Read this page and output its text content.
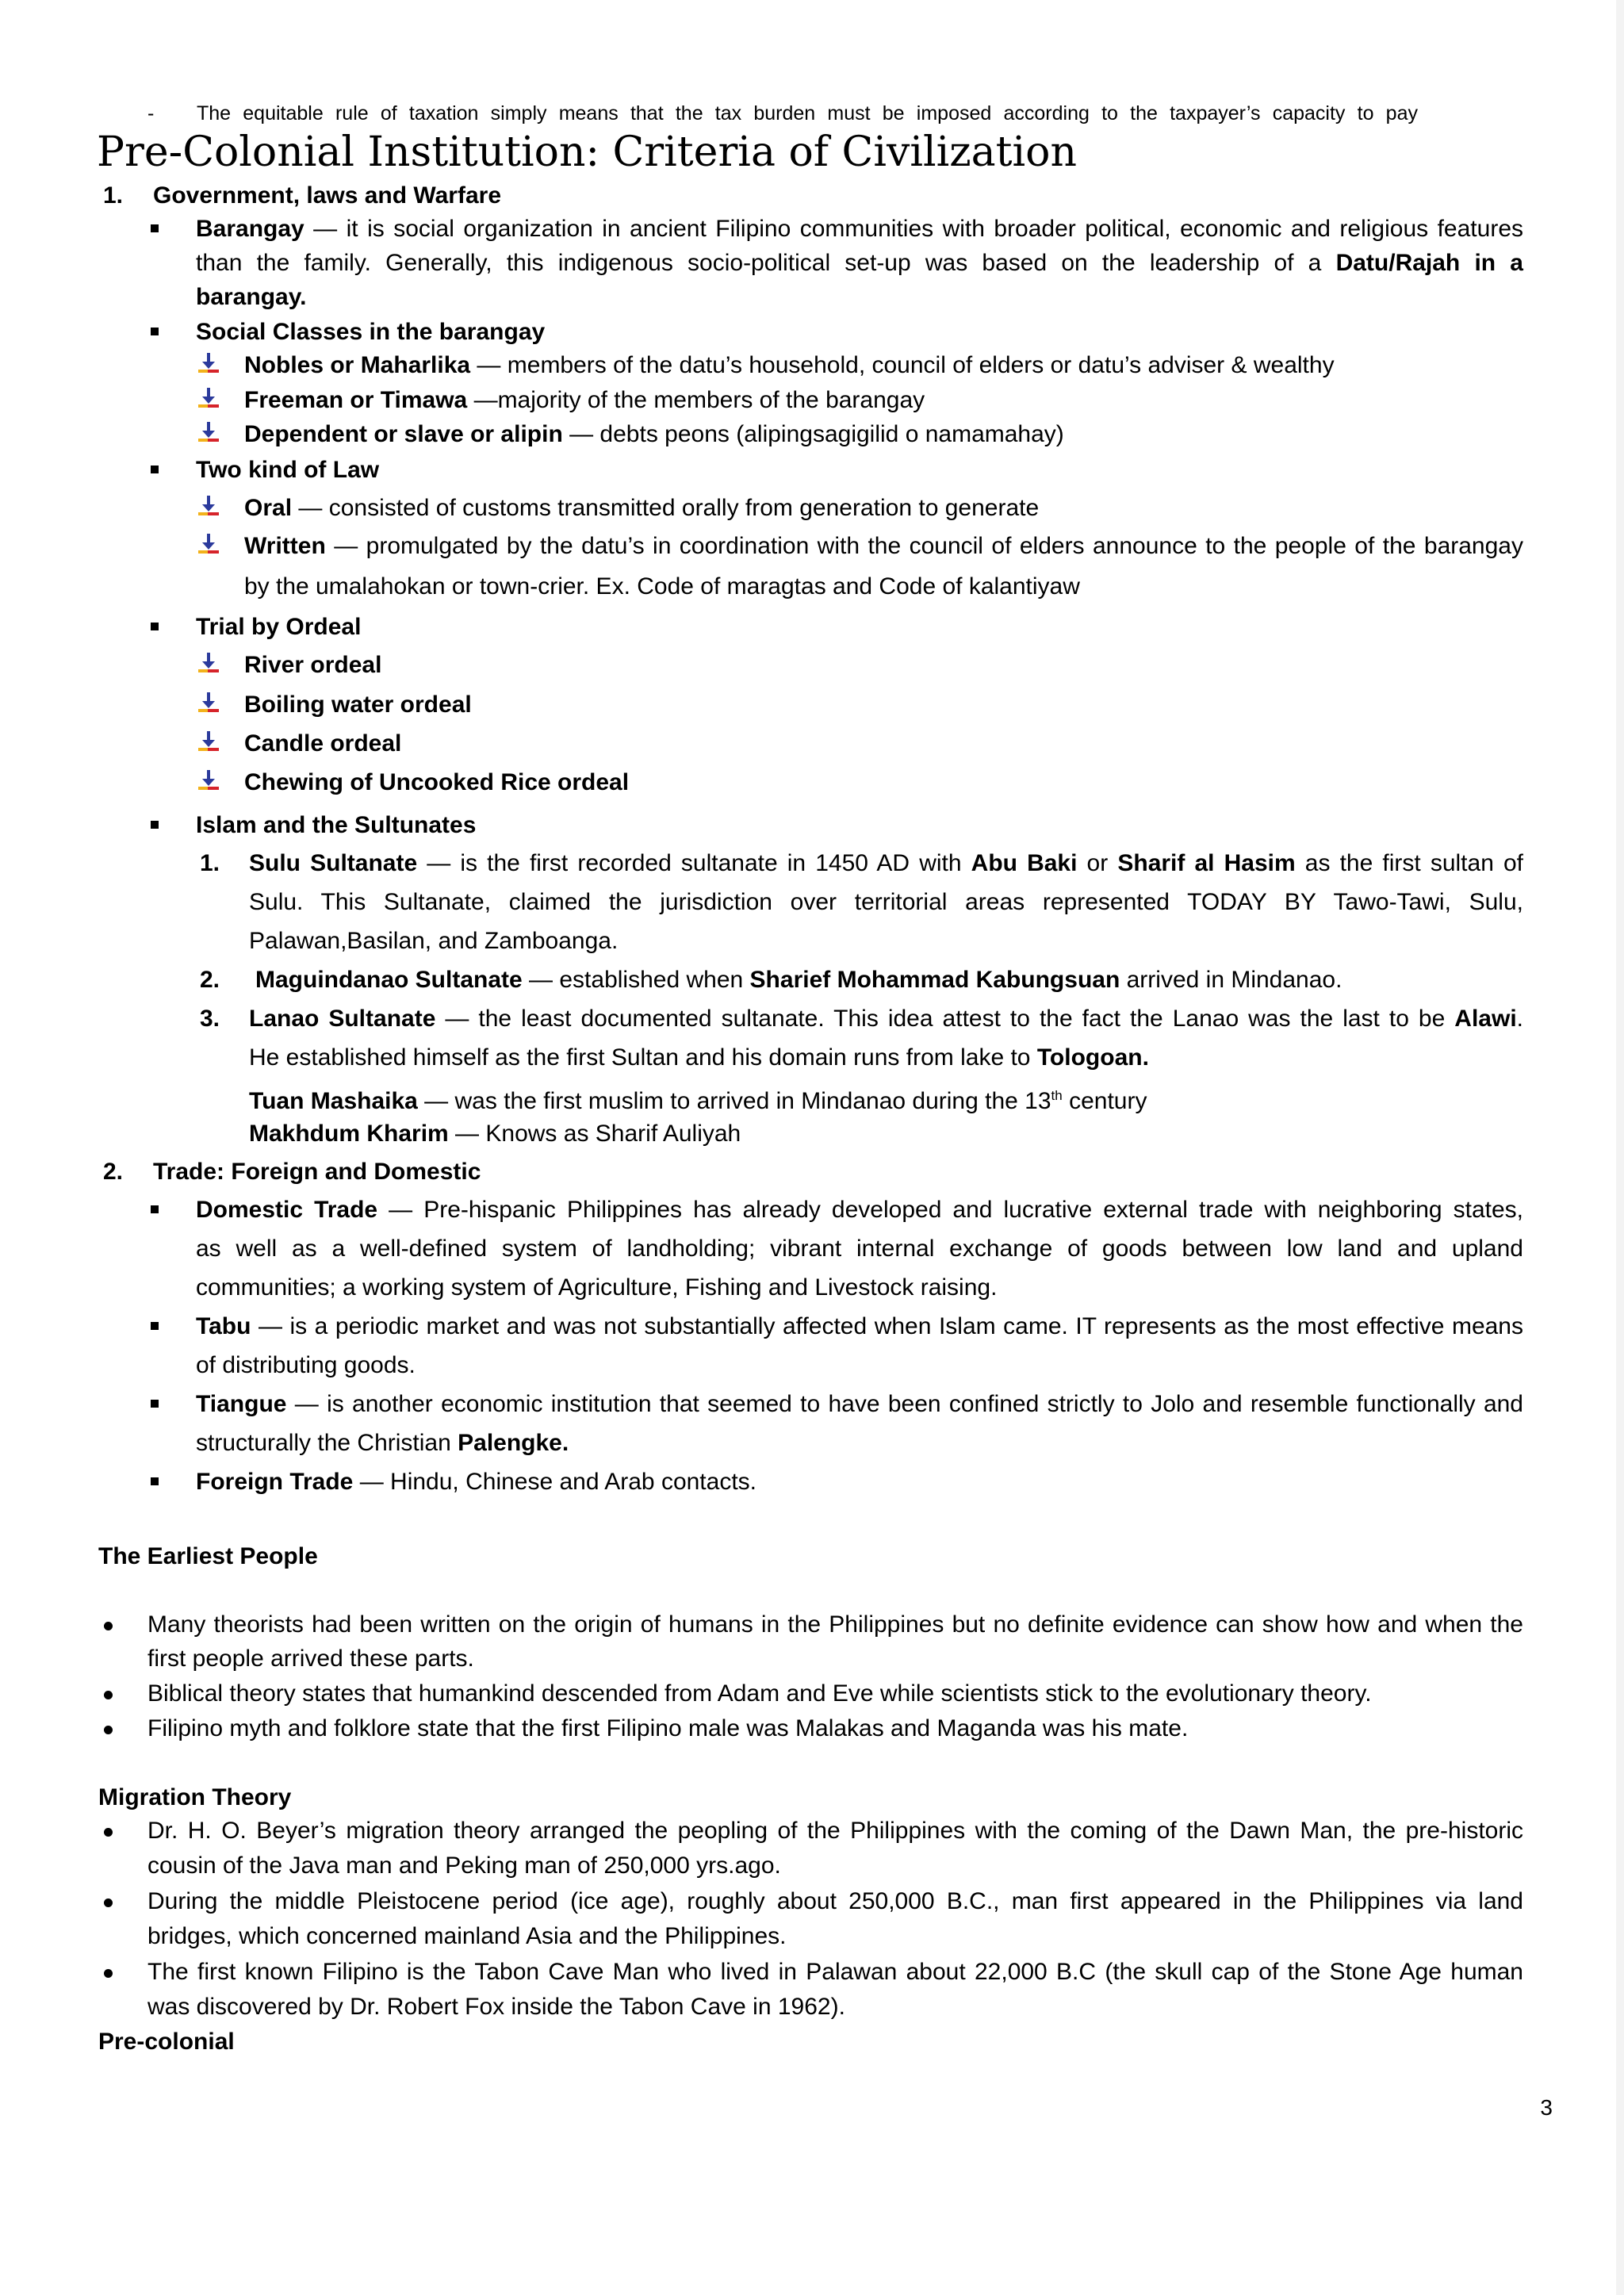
- The equitable rule of taxation simply means that the tax burden must be imposed according to the taxpayer’s capacity to pay
Pre-Colonial Institution: Criteria of Civilization
1. Government, laws and Warfare
Barangay — it is social organization in ancient Filipino communities with broader political, economic and religious features
than the family. Generally, this indigenous socio-political set-up was based on the leadership of a Datu/Rajah in a
barangay.
Social Classes in the barangay
Nobles or Maharlika — members of the datu’s household, council of elders or datu’s adviser & wealthy
Freeman or Timawa —majority of the members of the barangay
Dependent or slave or alipin — debts peons (alipingsagigilid o namamahay)
Two kind of Law
Oral — consisted of customs transmitted orally from generation to generate
Written — promulgated by the datu’s in coordination with the council of elders announce to the people of the barangay
by the umalahokan or town-crier. Ex. Code of maragtas and Code of kalantiyaw
Trial by Ordeal
River ordeal
Boiling water ordeal
Candle ordeal
Chewing of Uncooked Rice ordeal
Islam and the Sultunates
1. Sulu Sultanate — is the first recorded sultanate in 1450 AD with Abu Baki or Sharif al Hasim as the first sultan of
Sulu. This Sultanate, claimed the jurisdiction over territorial areas represented TODAY BY Tawo-Tawi, Sulu,
Palawan,Basilan, and Zamboanga.
2. Maguindanao Sultanate — established when Sharief Mohammad Kabungsuan arrived in Mindanao.
3. Lanao Sultanate — the least documented sultanate. This idea attest to the fact the Lanao was the last to be Alawi.
He established himself as the first Sultan and his domain runs from lake to Tologoan.
Tuan Mashaika — was the first muslim to arrived in Mindanao during the 13th century
Makhdum Kharim — Knows as Sharif Auliyah
2. Trade: Foreign and Domestic
Domestic Trade — Pre-hispanic Philippines has already developed and lucrative external trade with neighboring states,
as well as a well-defined system of landholding; vibrant internal exchange of goods between low land and upland
communities; a working system of Agriculture, Fishing and Livestock raising.
Tabu — is a periodic market and was not substantially affected when Islam came. IT represents as the most effective means
of distributing goods.
Tiangue — is another economic institution that seemed to have been confined strictly to Jolo and resemble functionally and
structurally the Christian Palengke.
Foreign Trade — Hindu, Chinese and Arab contacts.
The Earliest People
Many theorists had been written on the origin of humans in the Philippines but no definite evidence can show how and when the
first people arrived these parts.
Biblical theory states that humankind descended from Adam and Eve while scientists stick to the evolutionary theory.
Filipino myth and folklore state that the first Filipino male was Malakas and Maganda was his mate.
Migration Theory
Dr. H. O. Beyer’s migration theory arranged the peopling of the Philippines with the coming of the Dawn Man, the pre-historic
cousin of the Java man and Peking man of 250,000 yrs.ago.
During the middle Pleistocene period (ice age), roughly about 250,000 B.C., man first appeared in the Philippines via land
bridges, which concerned mainland Asia and the Philippines.
The first known Filipino is the Tabon Cave Man who lived in Palawan about 22,000 B.C (the skull cap of the Stone Age human
was discovered by Dr. Robert Fox inside the Tabon Cave in 1962).
Pre-colonial
3
